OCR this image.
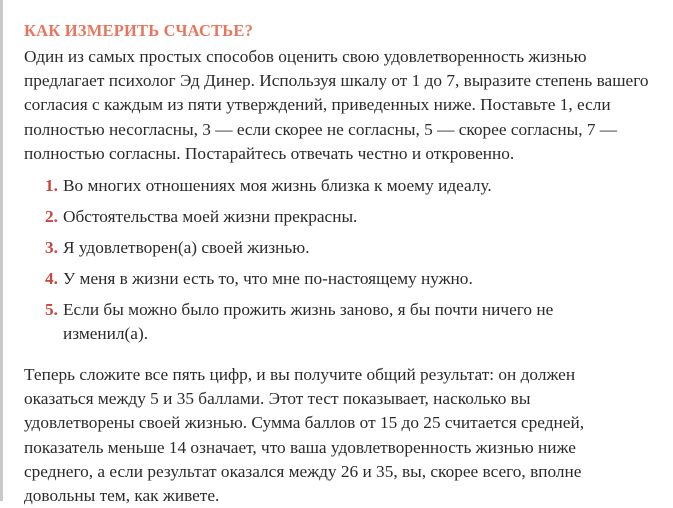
КАК ИЗМЕРИТЬ СЧАСТЬЕ?
Один из самых простых способов оценить свою удовлетворенность жизнью
предлагает психолог Эд Динер. Используя шкалу от 1 до 7, выразите степень вашего
согласия с каждым из пяти утверждений, приведенных ниже. Поставьте 1, если
полностью несогласны, 3 — если скорее не согласны, 5 — скорее согласны, 7 —
полностью согласны. Постарайтесь отвечать честно и откровенно.
1. Во многих отношениях моя жизнь близка к моему идеалу.
2. Обстоятельства моей жизни прекрасны.
3. Я удовлетворен(а) своей жизнью.
4. У меня в жизни есть то, что мне по-настоящему нужно.
5. Если бы можно было прожить жизнь заново, я бы почти ничего не
изменил(а).
Теперь сложите все пять цифр, и вы получите общий результат: он должен
оказаться между 5 и 35 баллами. Этот тест показывает, насколько вы
удовлетворены своей жизнью. Сумма баллов от 15 до 25 считается средней,
показатель меньше 14 означает, что ваша удовлетворенность жизнью ниже
среднего, а если результат оказался между 26 и 35, вы, скорее всего, вполне
довольны тем, как живете.
